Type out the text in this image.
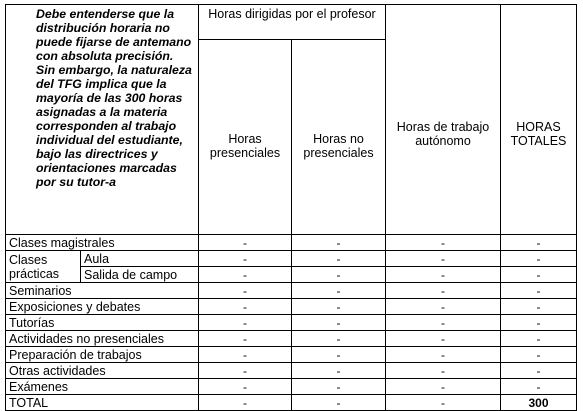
Debe entenderse que la distribución horaria no puede fijarse de antemano con absoluta precisión. Sin embargo, la naturaleza del TFG implica que la mayoría de las 300 horas asignadas a la materia corresponden al trabajo individual del estudiante, bajo las directrices y orientaciones marcadas por su tutor-a		Horas dirigidas por el profesor		Horas de trabajo autónomo	HORAS TOTALES
		Horas presenciales	Horas no presenciales		
Clases magistrales		-	-	-	-
Clases prácticas	Aula	-	-	-	-
	Salida de campo	-	-	-	-
Seminarios		-	-	-	-
Exposiciones y debates		-	-	-	-
Tutorías		-	-	-	-
Actividades no presenciales		-	-	-	-
Preparación de trabajos		-	-	-	-
Otras actividades		-	-	-	-
Exámenes		-	-	-	-
TOTAL		-	-	-	300
